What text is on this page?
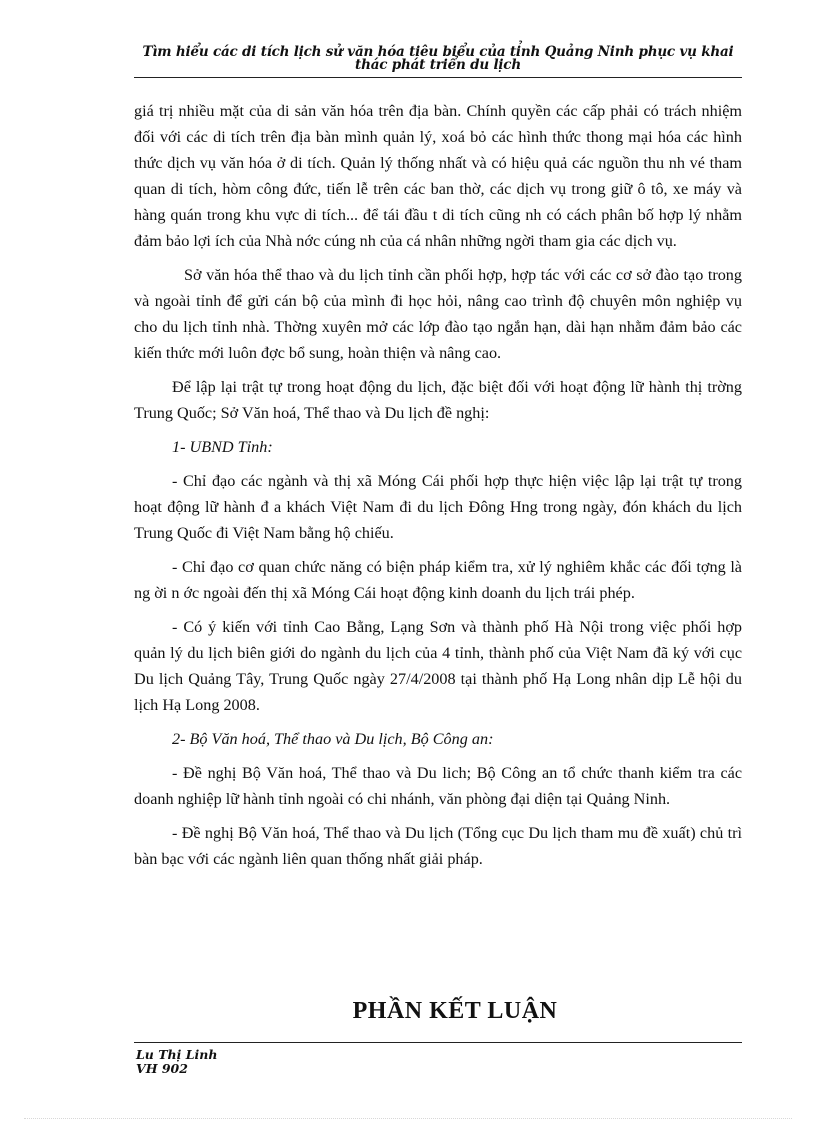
Tìm hiểu các di tích lịch sử văn hóa tiêu biểu của tỉnh Quảng Ninh phục vụ khai
thác phát triển du lịch

giá trị nhiều mặt của di sản văn hóa trên địa bàn. Chính quyền các cấp phải có trách nhiệm đối với các di tích trên địa bàn mình quản lý, xoá bỏ các hình thức thong mại hóa các hình thức dịch vụ văn hóa ở di tích. Quản lý thống nhất và có hiệu quả các nguồn thu nh vé tham quan di tích, hòm công đức, tiến lễ trên các ban thờ, các dịch vụ trong giữ ô tô, xe máy và hàng quán trong khu vực di tích... để tái đầu t di tích cũng nh có cách phân bố hợp lý nhằm đảm bảo lợi ích của Nhà nớc cúng nh của cá nhân những ngời tham gia các dịch vụ.

Sở văn hóa thể thao và du lịch tỉnh cần phối hợp, hợp tác với các cơ sở đào tạo trong và ngoài tỉnh để gửi cán bộ của mình đi học hỏi, nâng cao trình độ chuyên môn nghiệp vụ cho du lịch tỉnh nhà. Thờng xuyên mở các lớp đào tạo ngắn hạn, dài hạn nhằm đảm bảo các kiến thức mới luôn đợc bổ sung, hoàn thiện và nâng cao.

Để lập lại trật tự trong hoạt động du lịch, đặc biệt đối với hoạt động lữ hành thị trờng Trung Quốc; Sở Văn hoá, Thể thao và Du lịch đề nghị:

1- UBND Tỉnh:

- Chỉ đạo các ngành và thị xã Móng Cái phối hợp thực hiện việc lập lại trật tự trong hoạt động lữ hành đ a khách Việt Nam đi du lịch Đông Hng trong ngày, đón khách du lịch Trung Quốc đi Việt Nam bằng hộ chiếu.

- Chỉ đạo cơ quan chức năng có biện pháp kiểm tra, xử lý nghiêm khắc các đối tợng là ng ời n ớc ngoài đến thị xã Móng Cái hoạt động kinh doanh du lịch trái phép.

- Có ý kiến với tỉnh Cao Bằng, Lạng Sơn và thành phố Hà Nội trong việc phối hợp quản lý du lịch biên giới do ngành du lịch của 4 tỉnh, thành phố của Việt Nam đã ký với cục Du lịch Quảng Tây, Trung Quốc ngày 27/4/2008 tại thành phố Hạ Long nhân dịp Lễ hội du lịch Hạ Long 2008.

2- Bộ Văn hoá, Thể thao và Du lịch, Bộ Công an:

- Đề nghị Bộ Văn hoá, Thể thao và Du lich; Bộ Công an tổ chức thanh kiểm tra các doanh nghiệp lữ hành tỉnh ngoài có chi nhánh, văn phòng đại diện tại Quảng Ninh.

- Đề nghị Bộ Văn hoá, Thể thao và Du lịch (Tổng cục Du lịch tham mu đề xuất) chủ trì bàn bạc với các ngành liên quan thống nhất giải pháp.

PHẦN KẾT LUẬN
Lu Thị Linh
VH 902
